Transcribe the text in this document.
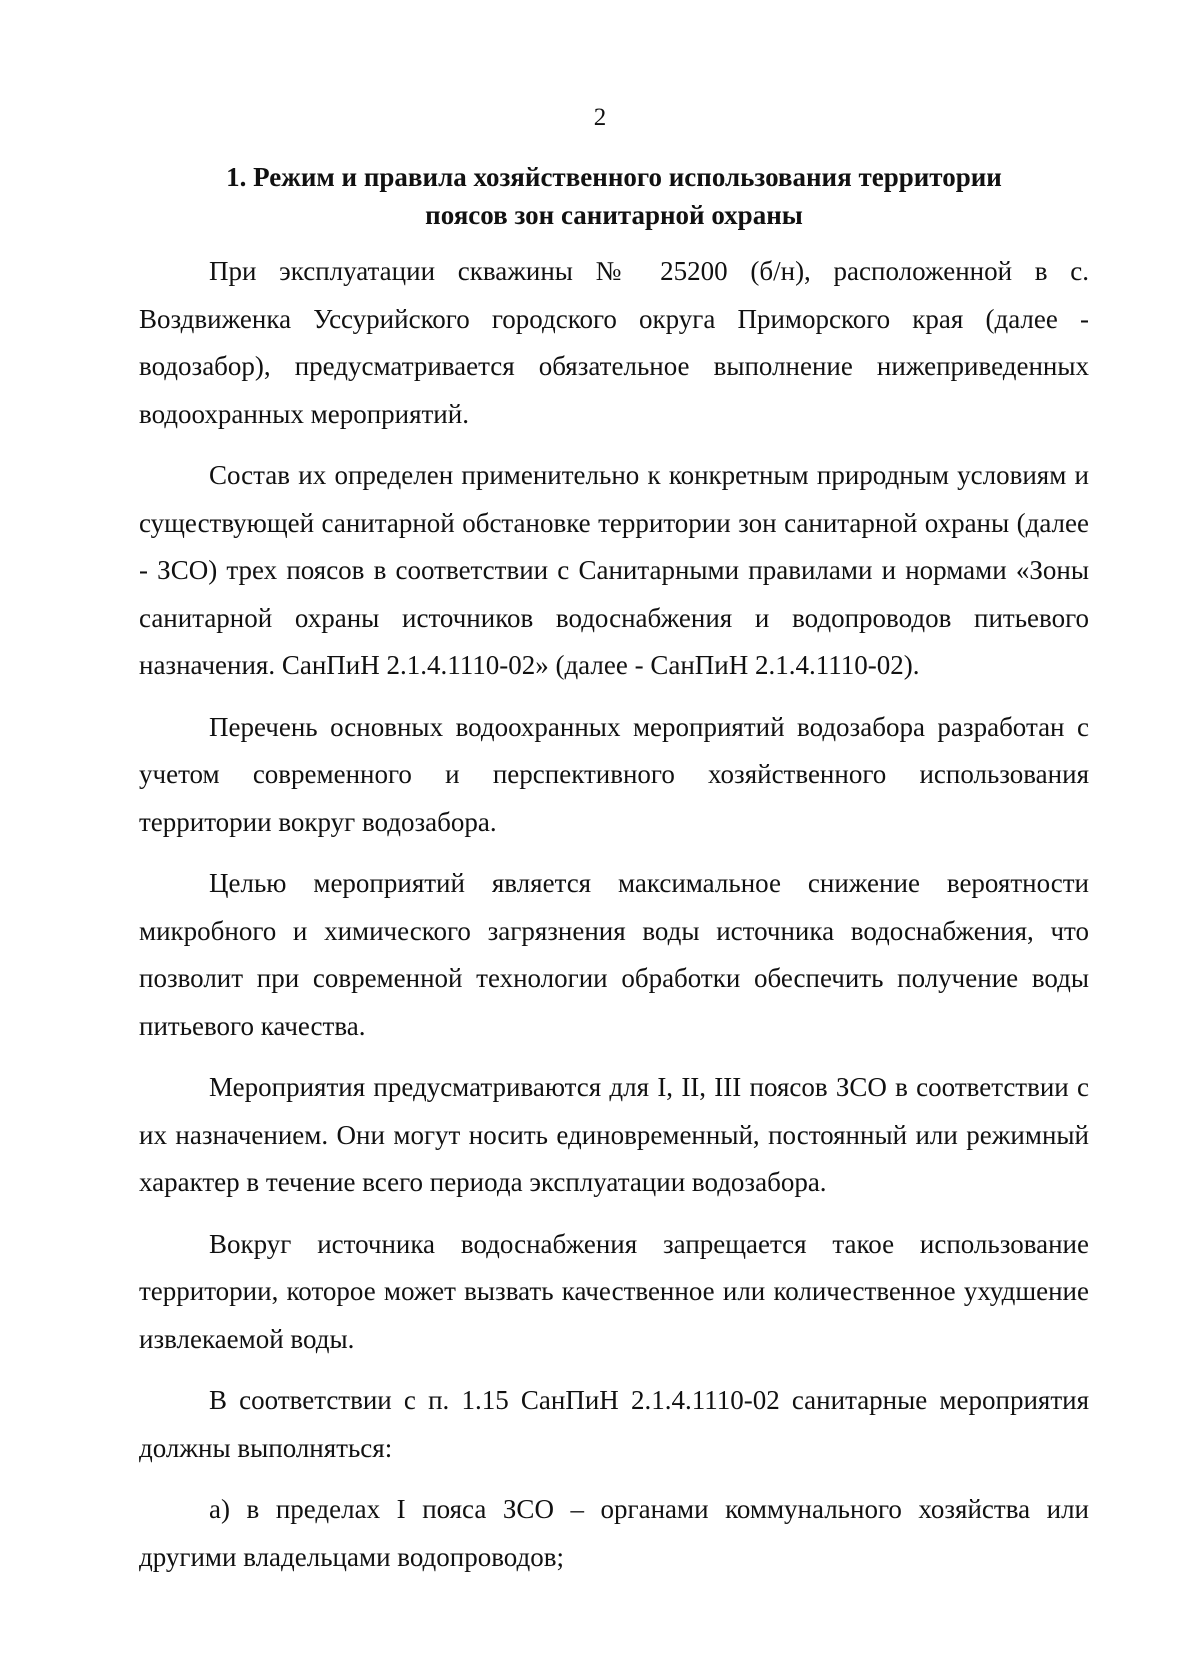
2
1. Режим и правила хозяйственного использования территории
поясов зон санитарной охраны

При эксплуатации скважины № 25200 (б/н), расположенной в с. Воздвиженка Уссурийского городского округа Приморского края (далее - водозабор), предусматривается обязательное выполнение нижеприведенных водоохранных мероприятий.

Состав их определен применительно к конкретным природным условиям и существующей санитарной обстановке территории зон санитарной охраны (далее - ЗСО) трех поясов в соответствии с Санитарными правилами и нормами «Зоны санитарной охраны источников водоснабжения и водопроводов питьевого назначения. СанПиН 2.1.4.1110-02» (далее - СанПиН 2.1.4.1110-02).

Перечень основных водоохранных мероприятий водозабора разработан с учетом современного и перспективного хозяйственного использования территории вокруг водозабора.

Целью мероприятий является максимальное снижение вероятности микробного и химического загрязнения воды источника водоснабжения, что позволит при современной технологии обработки обеспечить получение воды питьевого качества.

Мероприятия предусматриваются для I, II, III поясов ЗСО в соответствии с их назначением. Они могут носить единовременный, постоянный или режимный характер в течение всего периода эксплуатации водозабора.

Вокруг источника водоснабжения запрещается такое использование территории, которое может вызвать качественное или количественное ухудшение извлекаемой воды.

В соответствии с п. 1.15 СанПиН 2.1.4.1110-02 санитарные мероприятия должны выполняться:

а) в пределах I пояса ЗСО – органами коммунального хозяйства или другими владельцами водопроводов;
